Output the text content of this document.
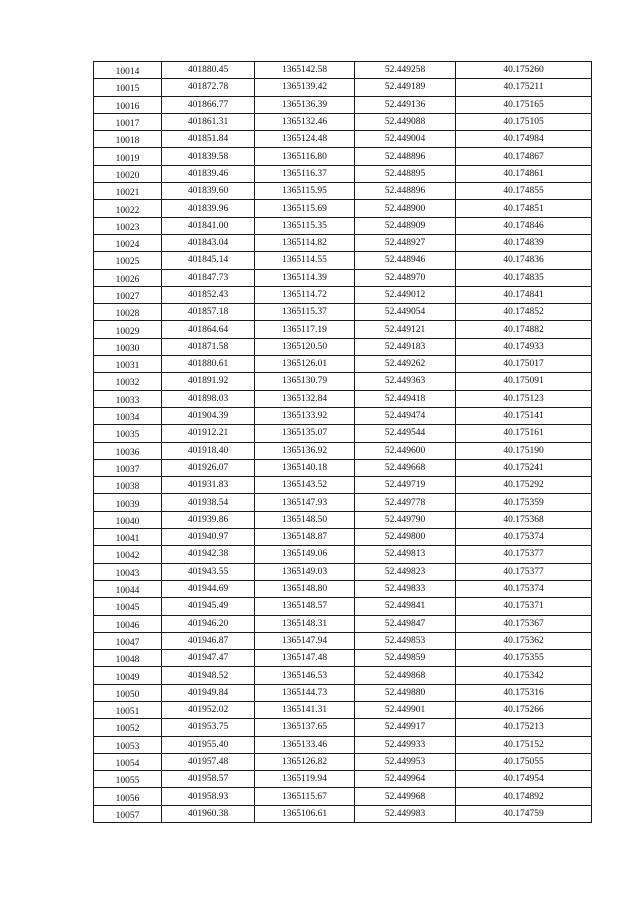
10014	401880.45	1365142.58	52.449258	40.175260
10015	401872.78	1365139.42	52.449189	40.175211
10016	401866.77	1365136.39	52.449136	40.175165
10017	401861.31	1365132.46	52.449088	40.175105
10018	401851.84	1365124.48	52.449004	40.174984
10019	401839.58	1365116.80	52.448896	40.174867
10020	401839.46	1365116.37	52.448895	40.174861
10021	401839.60	1365115.95	52.448896	40.174855
10022	401839.96	1365115.69	52.448900	40.174851
10023	401841.00	1365115.35	52.448909	40.174846
10024	401843.04	1365114.82	52.448927	40.174839
10025	401845.14	1365114.55	52.448946	40.174836
10026	401847.73	1365114.39	52.448970	40.174835
10027	401852.43	1365114.72	52.449012	40.174841
10028	401857.18	1365115.37	52.449054	40.174852
10029	401864.64	1365117.19	52.449121	40.174882
10030	401871.58	1365120.50	52.449183	40.174933
10031	401880.61	1365126.01	52.449262	40.175017
10032	401891.92	1365130.79	52.449363	40.175091
10033	401898.03	1365132.84	52.449418	40.175123
10034	401904.39	1365133.92	52.449474	40.175141
10035	401912.21	1365135.07	52.449544	40.175161
10036	401918.40	1365136.92	52.449600	40.175190
10037	401926.07	1365140.18	52.449668	40.175241
10038	401931.83	1365143.52	52.449719	40.175292
10039	401938.54	1365147.93	52.449778	40.175359
10040	401939.86	1365148.50	52.449790	40.175368
10041	401940.97	1365148.87	52.449800	40.175374
10042	401942.38	1365149.06	52.449813	40.175377
10043	401943.55	1365149.03	52.449823	40.175377
10044	401944.69	1365148.80	52.449833	40.175374
10045	401945.49	1365148.57	52.449841	40.175371
10046	401946.20	1365148.31	52.449847	40.175367
10047	401946.87	1365147.94	52.449853	40.175362
10048	401947.47	1365147.48	52.449859	40.175355
10049	401948.52	1365146.53	52.449868	40.175342
10050	401949.84	1365144.73	52.449880	40.175316
10051	401952.02	1365141.31	52.449901	40.175266
10052	401953.75	1365137.65	52.449917	40.175213
10053	401955.40	1365133.46	52.449933	40.175152
10054	401957.48	1365126.82	52.449953	40.175055
10055	401958.57	1365119.94	52.449964	40.174954
10056	401958.93	1365115.67	52.449968	40.174892
10057	401960.38	1365106.61	52.449983	40.174759
